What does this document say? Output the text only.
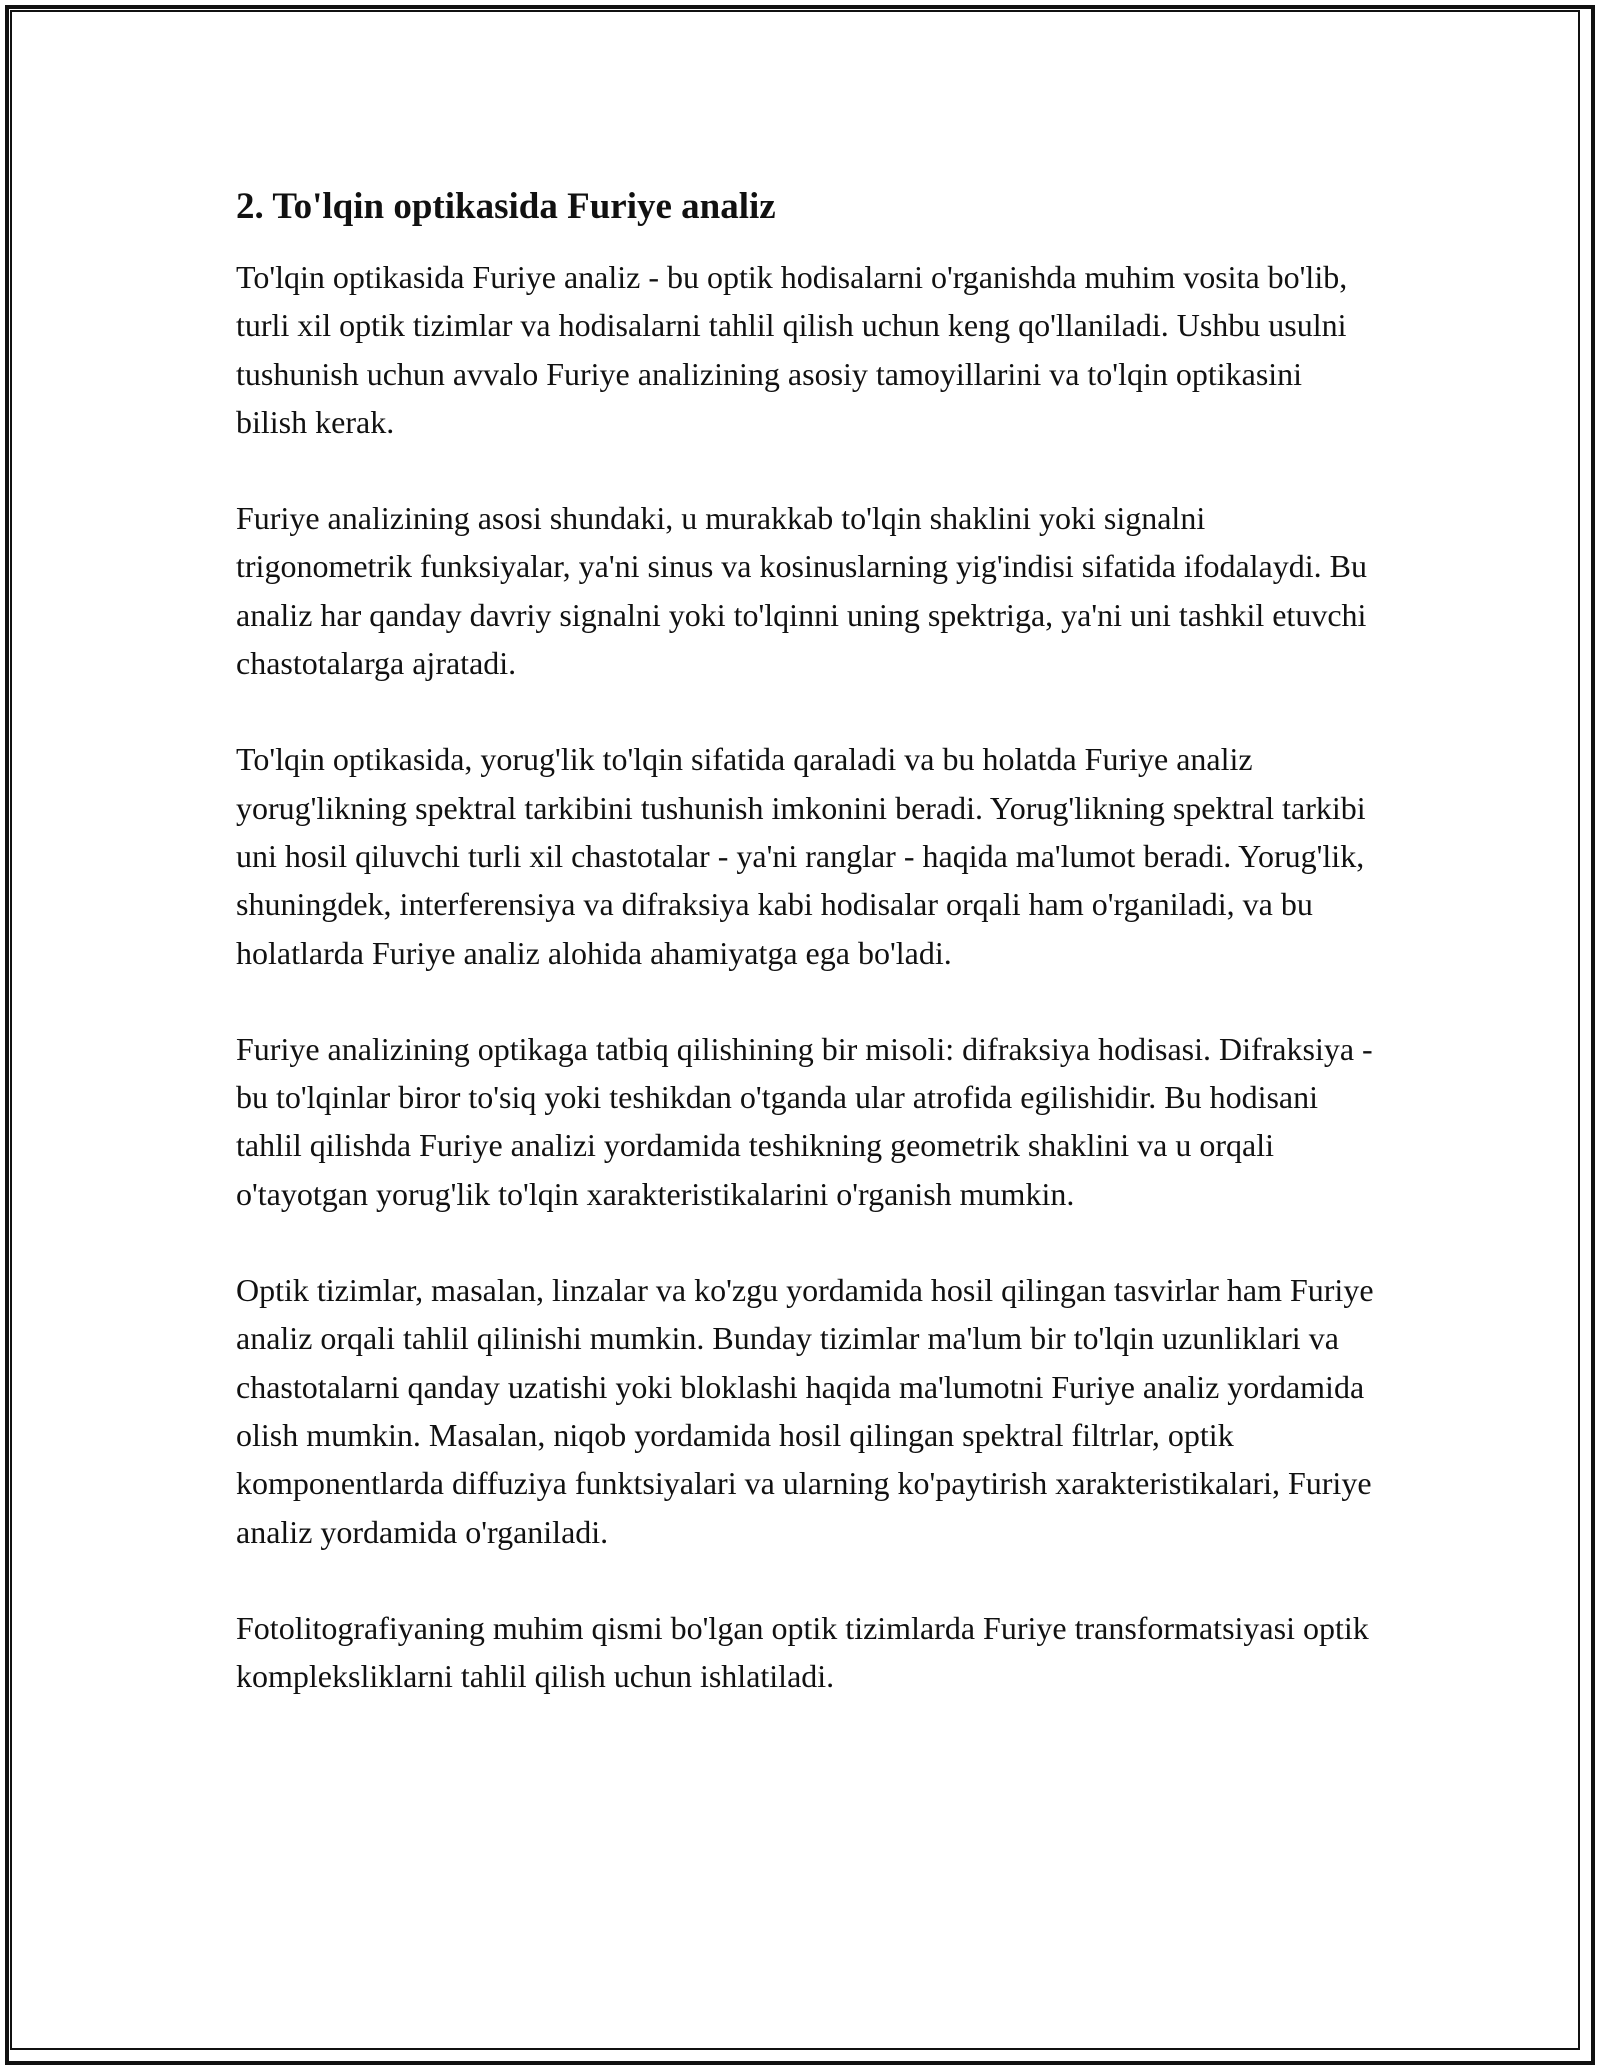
2. To'lqin optikasida Furiye analiz

To'lqin optikasida Furiye analiz - bu optik hodisalarni o'rganishda muhim vosita bo'lib, turli xil optik tizimlar va hodisalarni tahlil qilish uchun keng qo'llaniladi. Ushbu usulni tushunish uchun avvalo Furiye analizining asosiy tamoyillarini va to'lqin optikasini bilish kerak.

Furiye analizining asosi shundaki, u murakkab to'lqin shaklini yoki signalni trigonometrik funksiyalar, ya'ni sinus va kosinuslarning yig'indisi sifatida ifodalaydi. Bu analiz har qanday davriy signalni yoki to'lqinni uning spektriga, ya'ni uni tashkil etuvchi chastotalarga ajratadi.

To'lqin optikasida, yorug'lik to'lqin sifatida qaraladi va bu holatda Furiye analiz yorug'likning spektral tarkibini tushunish imkonini beradi. Yorug'likning spektral tarkibi uni hosil qiluvchi turli xil chastotalar - ya'ni ranglar - haqida ma'lumot beradi. Yorug'lik, shuningdek, interferensiya va difraksiya kabi hodisalar orqali ham o'rganiladi, va bu holatlarda Furiye analiz alohida ahamiyatga ega bo'ladi.

Furiye analizining optikaga tatbiq qilishining bir misoli: difraksiya hodisasi. Difraksiya - bu to'lqinlar biror to'siq yoki teshikdan o'tganda ular atrofida egilishidir. Bu hodisani tahlil qilishda Furiye analizi yordamida teshikning geometrik shaklini va u orqali o'tayotgan yorug'lik to'lqin xarakteristikalarini o'rganish mumkin.

Optik tizimlar, masalan, linzalar va ko'zgu yordamida hosil qilingan tasvirlar ham Furiye analiz orqali tahlil qilinishi mumkin. Bunday tizimlar ma'lum bir to'lqin uzunliklari va chastotalarni qanday uzatishi yoki bloklashi haqida ma'lumotni Furiye analiz yordamida olish mumkin. Masalan, niqob yordamida hosil qilingan spektral filtrlar, optik komponentlarda diffuziya funktsiyalari va ularning ko'paytirish xarakteristikalari, Furiye analiz yordamida o'rganiladi.

Fotolitografiyaning muhim qismi bo'lgan optik tizimlarda Furiye transformatsiyasi optik kompleksliklarni tahlil qilish uchun ishlatiladi.
